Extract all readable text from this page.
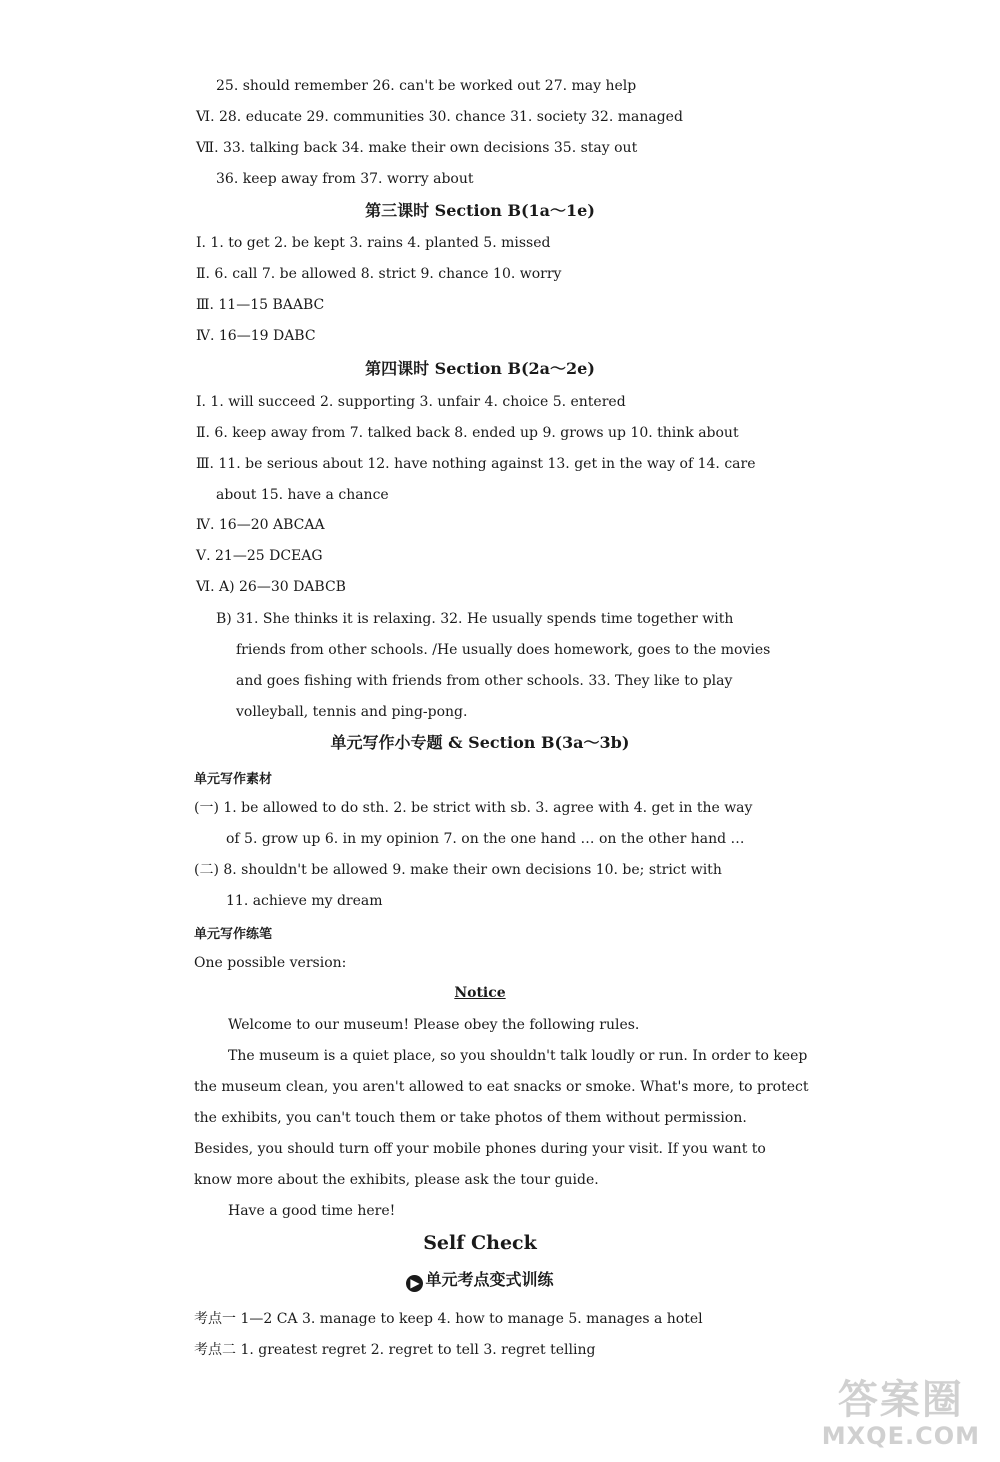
25. should remember 26. can't be worked out 27. may help
Ⅵ. 28. educate 29. communities 30. chance 31. society 32. managed
Ⅶ. 33. talking back 34. make their own decisions 35. stay out
36. keep away from 37. worry about
第三课时 Section B(1a～1e)
Ⅰ. 1. to get 2. be kept 3. rains 4. planted 5. missed
Ⅱ. 6. call 7. be allowed 8. strict 9. chance 10. worry
Ⅲ. 11—15 BAABC
Ⅳ. 16—19 DABC
第四课时 Section B(2a～2e)
Ⅰ. 1. will succeed 2. supporting 3. unfair 4. choice 5. entered
Ⅱ. 6. keep away from 7. talked back 8. ended up 9. grows up 10. think about
Ⅲ. 11. be serious about 12. have nothing against 13. get in the way of 14. care
about 15. have a chance
Ⅳ. 16—20 ABCAA
Ⅴ. 21—25 DCEAG
Ⅵ. A) 26—30 DABCB
B) 31. She thinks it is relaxing. 32. He usually spends time together with
friends from other schools. /He usually does homework, goes to the movies
and goes fishing with friends from other schools. 33. They like to play
volleyball, tennis and ping-pong.
单元写作小专题 & Section B(3a～3b)
单元写作素材
(一) 1. be allowed to do sth. 2. be strict with sb. 3. agree with 4. get in the way
of 5. grow up 6. in my opinion 7. on the one hand … on the other hand …
(二) 8. shouldn't be allowed 9. make their own decisions 10. be; strict with
11. achieve my dream
单元写作练笔
One possible version:
Notice
Welcome to our museum! Please obey the following rules.
The museum is a quiet place, so you shouldn't talk loudly or run. In order to keep
the museum clean, you aren't allowed to eat snacks or smoke. What's more, to protect
the exhibits, you can't touch them or take photos of them without permission.
Besides, you should turn off your mobile phones during your visit. If you want to
know more about the exhibits, please ask the tour guide.
Have a good time here!
Self Check
▶ 单元考点变式训练
考点一 1—2 CA 3. manage to keep 4. how to manage 5. manages a hotel
考点二 1. greatest regret 2. regret to tell 3. regret telling
答案圈
MXQE.COM
